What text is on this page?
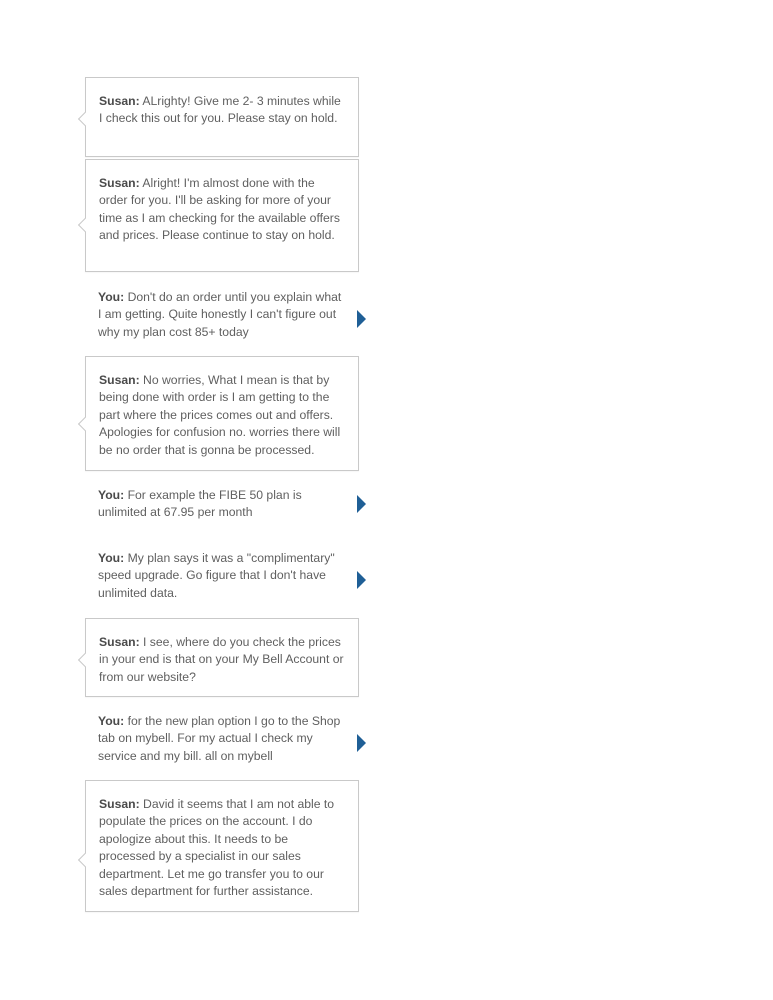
Susan: ALrighty! Give me 2- 3 minutes while I check this out for you. Please stay on hold.
Susan: Alright! I'm almost done with the order for you. I'll be asking for more of your time as I am checking for the available offers and prices. Please continue to stay on hold.
You: Don't do an order until you explain what I am getting. Quite honestly I can't figure out why my plan cost 85+ today
Susan: No worries, What I mean is that by being done with order is I am getting to the part where the prices comes out and offers. Apologies for confusion no. worries there will be no order that is gonna be processed.
You: For example the FIBE 50 plan is unlimited at 67.95 per month
You: My plan says it was a "complimentary" speed upgrade. Go figure that I don't have unlimited data.
Susan: I see, where do you check the prices in your end is that on your My Bell Account or from our website?
You: for the new plan option I go to the Shop tab on mybell. For my actual I check my service and my bill. all on mybell
Susan: David it seems that I am not able to populate the prices on the account. I do apologize about this. It needs to be processed by a specialist in our sales department. Let me go transfer you to our sales department for further assistance.
